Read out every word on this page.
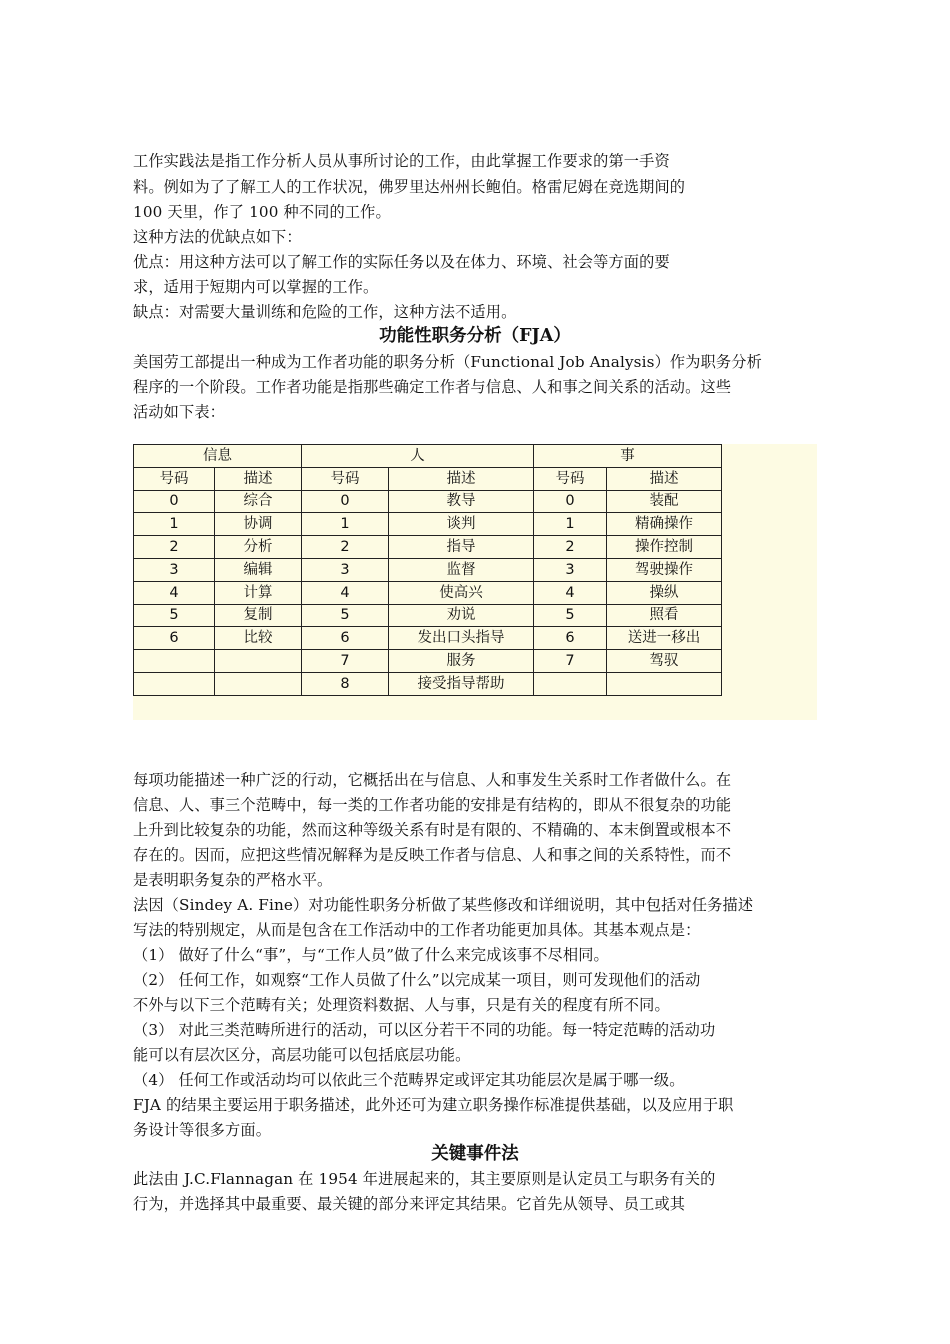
工作实践法是指工作分析人员从事所讨论的工作，由此掌握工作要求的第一手资
料。例如为了了解工人的工作状况，佛罗里达州州长鲍伯。格雷尼姆在竞选期间的
100 天里，作了 100 种不同的工作。
这种方法的优缺点如下：
优点：用这种方法可以了解工作的实际任务以及在体力、环境、社会等方面的要
求，适用于短期内可以掌握的工作。
缺点：对需要大量训练和危险的工作，这种方法不适用。
功能性职务分析（FJA）
美国劳工部提出一种成为工作者功能的职务分析（Functional Job Analysis）作为职务分析
程序的一个阶段。工作者功能是指那些确定工作者与信息、人和事之间关系的活动。这些
活动如下表：
信息		人		事	
号码	描述	号码	描述	号码	描述
0	综合	0	教导	0	装配
1	协调	1	谈判	1	精确操作
2	分析	2	指导	2	操作控制
3	编辑	3	监督	3	驾驶操作
4	计算	4	使高兴	4	操纵
5	复制	5	劝说	5	照看
6	比较	6	发出口头指导	6	送进一移出
		7	服务	7	驾驭
		8	接受指导帮助		
每项功能描述一种广泛的行动，它概括出在与信息、人和事发生关系时工作者做什么。在
信息、人、事三个范畴中，每一类的工作者功能的安排是有结构的，即从不很复杂的功能
上升到比较复杂的功能，然而这种等级关系有时是有限的、不精确的、本末倒置或根本不
存在的。因而，应把这些情况解释为是反映工作者与信息、人和事之间的关系特性，而不
是表明职务复杂的严格水平。
法因（Sindey A. Fine）对功能性职务分析做了某些修改和详细说明，其中包括对任务描述
写法的特别规定，从而是包含在工作活动中的工作者功能更加具体。其基本观点是：
（1） 做好了什么“事”，与“工作人员”做了什么来完成该事不尽相同。
（2） 任何工作，如观察“工作人员做了什么”以完成某一项目，则可发现他们的活动
不外与以下三个范畴有关；处理资料数据、人与事，只是有关的程度有所不同。
（3） 对此三类范畴所进行的活动，可以区分若干不同的功能。每一特定范畴的活动功
能可以有层次区分，高层功能可以包括底层功能。
（4） 任何工作或活动均可以依此三个范畴界定或评定其功能层次是属于哪一级。
FJA 的结果主要运用于职务描述，此外还可为建立职务操作标准提供基础，以及应用于职
务设计等很多方面。
关键事件法
此法由 J.C.Flannagan 在 1954 年进展起来的，其主要原则是认定员工与职务有关的
行为，并选择其中最重要、最关键的部分来评定其结果。它首先从领导、员工或其
